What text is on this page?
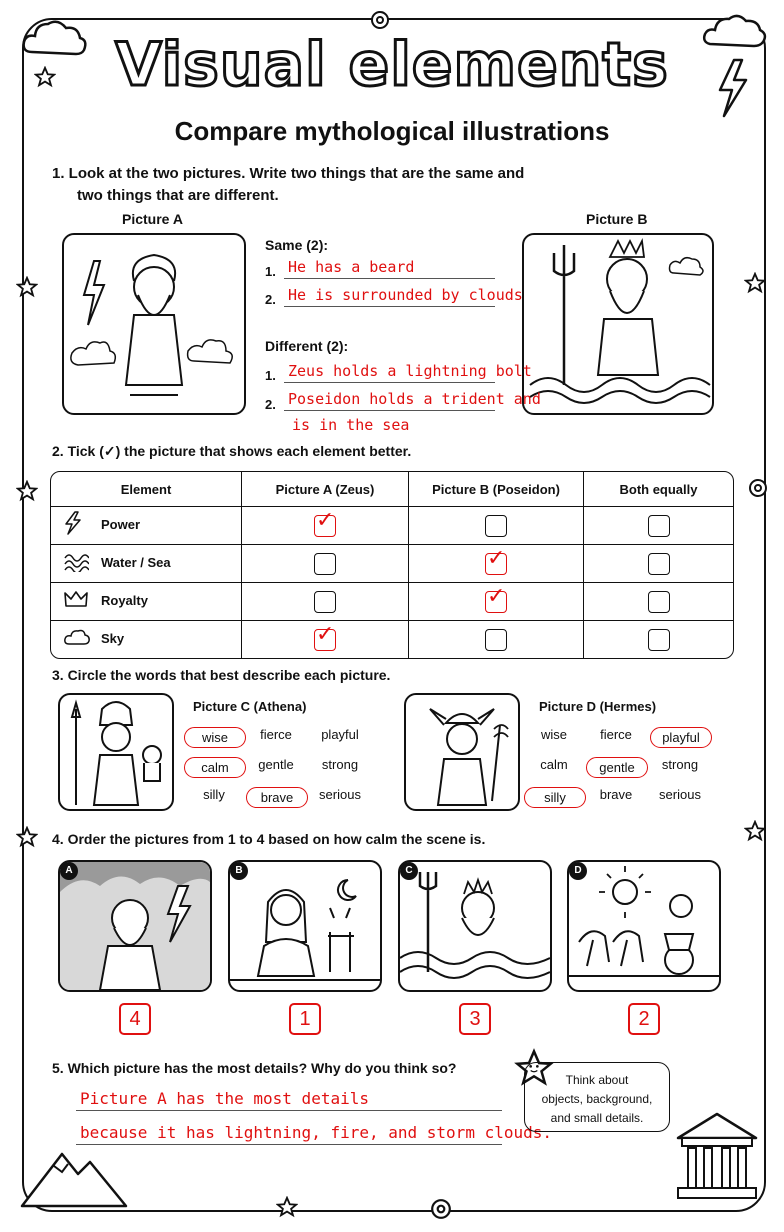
Visual elements
Compare mythological illustrations
1. Look at the two pictures. Write two things that are the same and
two things that are different.
Picture A	Picture B
Same (2):
1. He has a beard
2. He is surrounded by clouds
Different (2):
1. Zeus holds a lightning bolt
2. Poseidon holds a trident and
is in the sea
2. Tick (✓) the picture that shows each element better.
Element	Picture A (Zeus)	Picture B (Poseidon)	Both equally
Power	✓		

Water / Sea		✓	

Royalty		✓	

Sky	✓		

3. Circle the words that best describe each picture.
Picture C (Athena)
wise	fierce	playful
calm	gentle	strong
silly	brave	serious
Picture D (Hermes)
wise	fierce	playful
calm	gentle	strong
silly	brave	serious
4. Order the pictures from 1 to 4 based on how calm the scene is.
A
4
B
1
C
3
D
2
5. Which picture has the most details? Why do you think so?
Picture A has the most details
because it has lightning, fire, and storm clouds.
Think about
objects, background,
and small details.
